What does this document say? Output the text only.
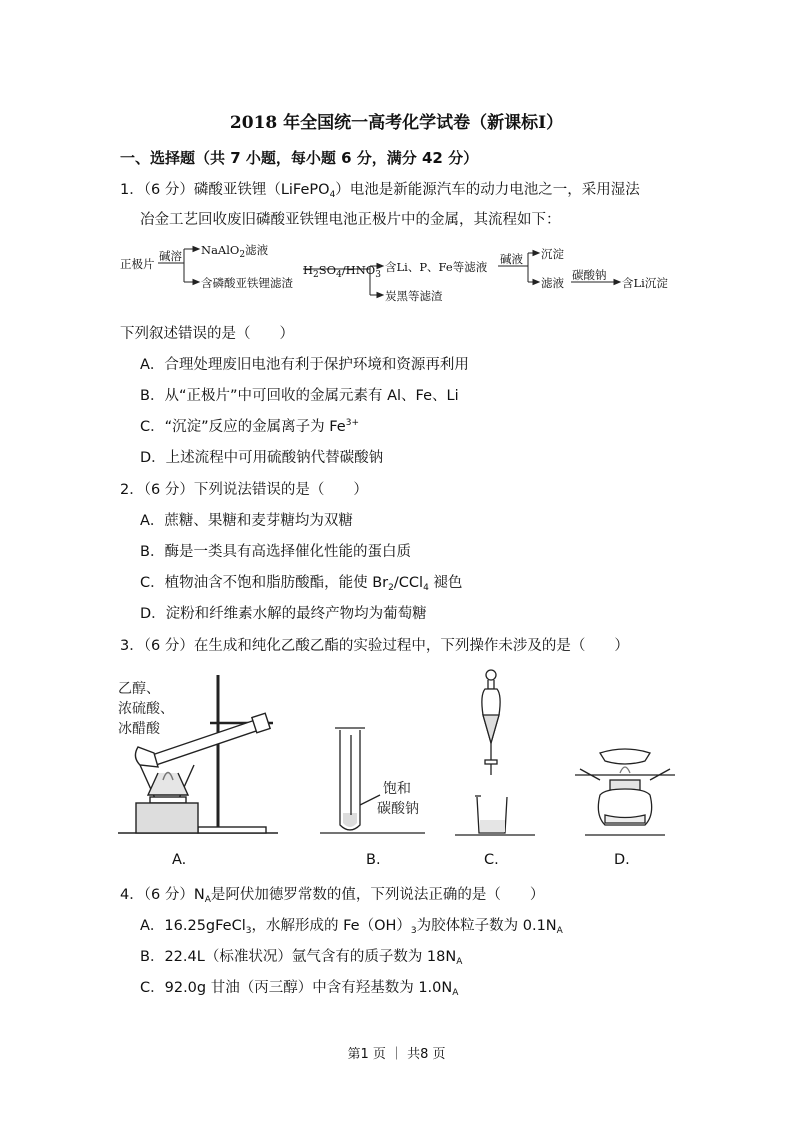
2018 年全国统一高考化学试卷（新课标Ⅰ）
一、选择题（共 7 小题，每小题 6 分，满分 42 分）
1．（6 分）磷酸亚铁锂（LiFePO$_4$）电池是新能源汽车的动力电池之一，采用湿法
冶金工艺回收废旧磷酸亚铁锂电池正极片中的金属，其流程如下：
正极片
碱溶 NaAlO$_2$滤液
含磷酸亚铁锂滤渣
$H_2SO_4/HNO_3$
含Li、P、Fe等滤液
炭黑等滤渣
碱液 沉淀
滤液
碳酸钠
含Li沉淀
下列叙述错误的是（　　）
A．合理处理废旧电池有利于保护环境和资源再利用
B．从“正极片”中可回收的金属元素有 Al、Fe、Li
C．“沉淀”反应的金属离子为 $Fe^{3+}$
D．上述流程中可用硫酸钠代替碳酸钠
2．（6 分）下列说法错误的是（　　）
A．蔗糖、果糖和麦芽糖均为双糖
B．酶是一类具有高选择催化性能的蛋白质
C．植物油含不饱和脂肪酸酯，能使 $Br_2/CCl_4$ 褪色
D．淀粉和纤维素水解的最终产物均为葡萄糖
3．（6 分）在生成和纯化乙酸乙酯的实验过程中，下列操作未涉及的是（　　）
乙醇、
浓硫酸、
冰醋酸
饱和
碳酸钠
A.	B.	C.	D.
4．（6 分）$N_A$是阿伏加德罗常数的值，下列说法正确的是（　　）
A．16.25gFeCl$_3$，水解形成的 $Fe(OH)_3$为胶体粒子数为 $0.1N_A$
B．22.4L（标准状况）氩气含有的质子数为 $18N_A$
C．92.0g 甘油（丙三醇）中含有羟基数为 $1.0N_A$
第1 页 ｜ 共8 页
